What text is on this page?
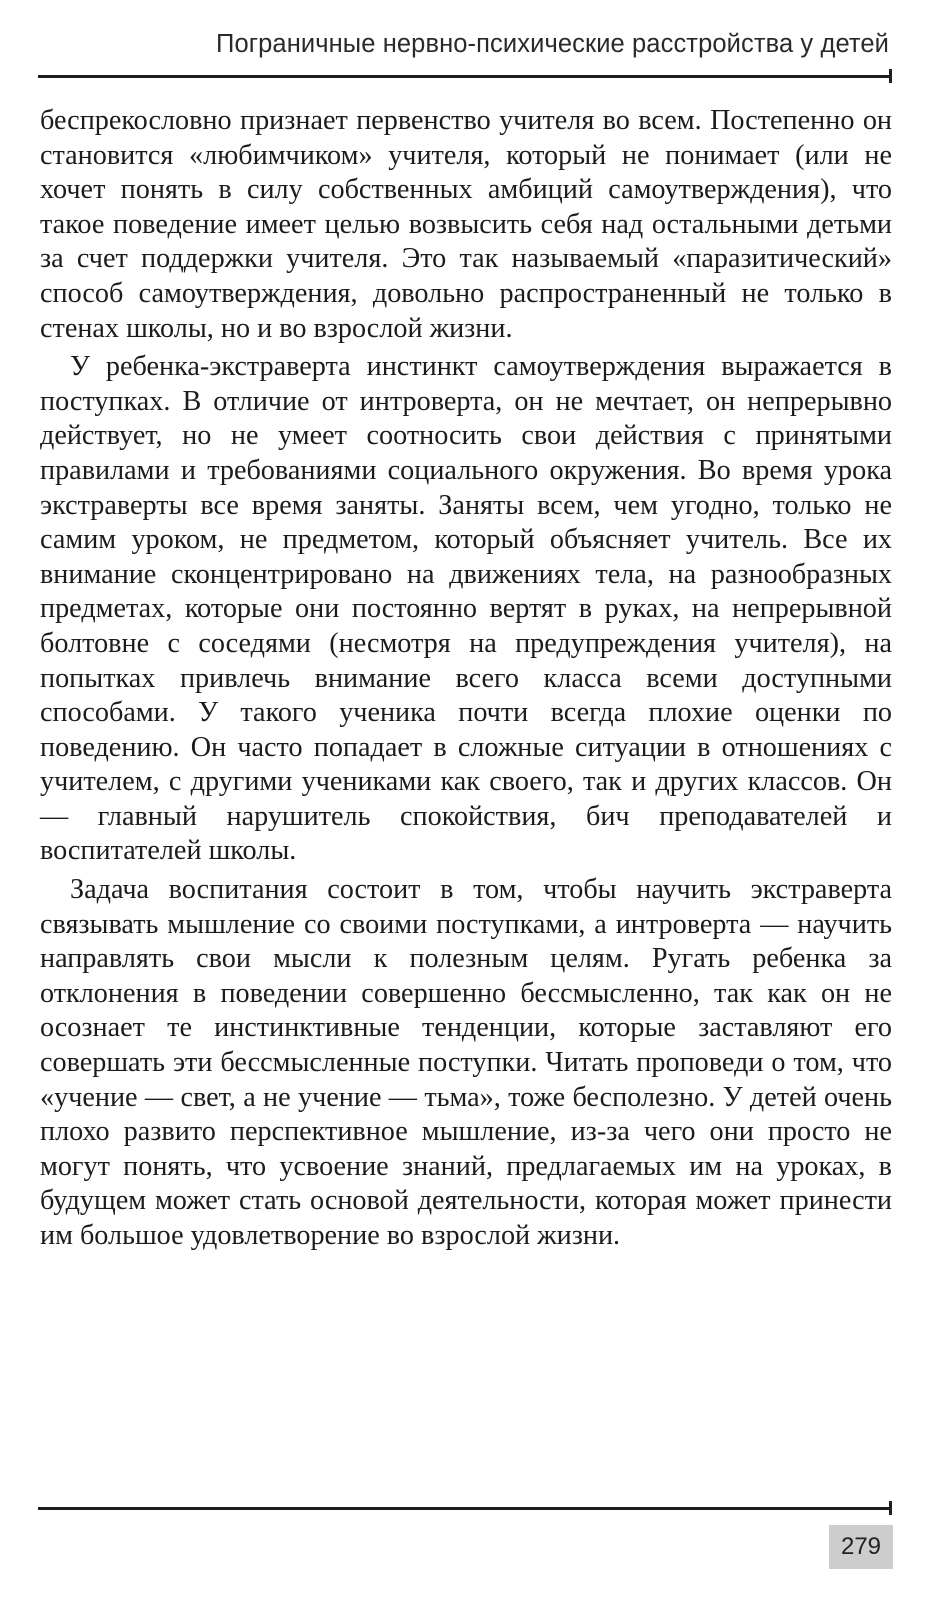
Пограничные нервно-психические расстройства у детей

беспрекословно признает первенство учителя во всем. Постепенно он становится «любимчиком» учителя, который не понимает (или не хочет понять в силу собственных амбиций самоутверждения), что такое поведение имеет целью возвысить себя над остальными детьми за счет поддержки учителя. Это так называемый «паразитический» способ самоутверждения, довольно распространенный не только в стенах школы, но и во взрослой жизни.

У ребенка-экстраверта инстинкт самоутверждения выражается в поступках. В отличие от интроверта, он не мечтает, он непрерывно действует, но не умеет соотносить свои действия с принятыми правилами и требованиями социального окружения. Во время урока экстраверты все время заняты. Заняты всем, чем угодно, только не самим уроком, не предметом, который объясняет учитель. Все их внимание сконцентрировано на движениях тела, на разнообразных предметах, которые они постоянно вертят в руках, на непрерывной болтовне с соседями (несмотря на предупреждения учителя), на попытках привлечь внимание всего класса всеми доступными способами. У такого ученика почти всегда плохие оценки по поведению. Он часто попадает в сложные ситуации в отношениях с учителем, с другими учениками как своего, так и других классов. Он — главный нарушитель спокойствия, бич преподавателей и воспитателей школы.

Задача воспитания состоит в том, чтобы научить экстраверта связывать мышление со своими поступками, а интроверта — научить направлять свои мысли к полезным целям. Ругать ребенка за отклонения в поведении совершенно бессмысленно, так как он не осознает те инстинктивные тенденции, которые заставляют его совершать эти бессмысленные поступки. Читать проповеди о том, что «учение — свет, а не учение — тьма», тоже бесполезно. У детей очень плохо развито перспективное мышление, из-за чего они просто не могут понять, что усвоение знаний, предлагаемых им на уроках, в будущем может стать основой деятельности, которая может принести им большое удовлетворение во взрослой жизни.

279
